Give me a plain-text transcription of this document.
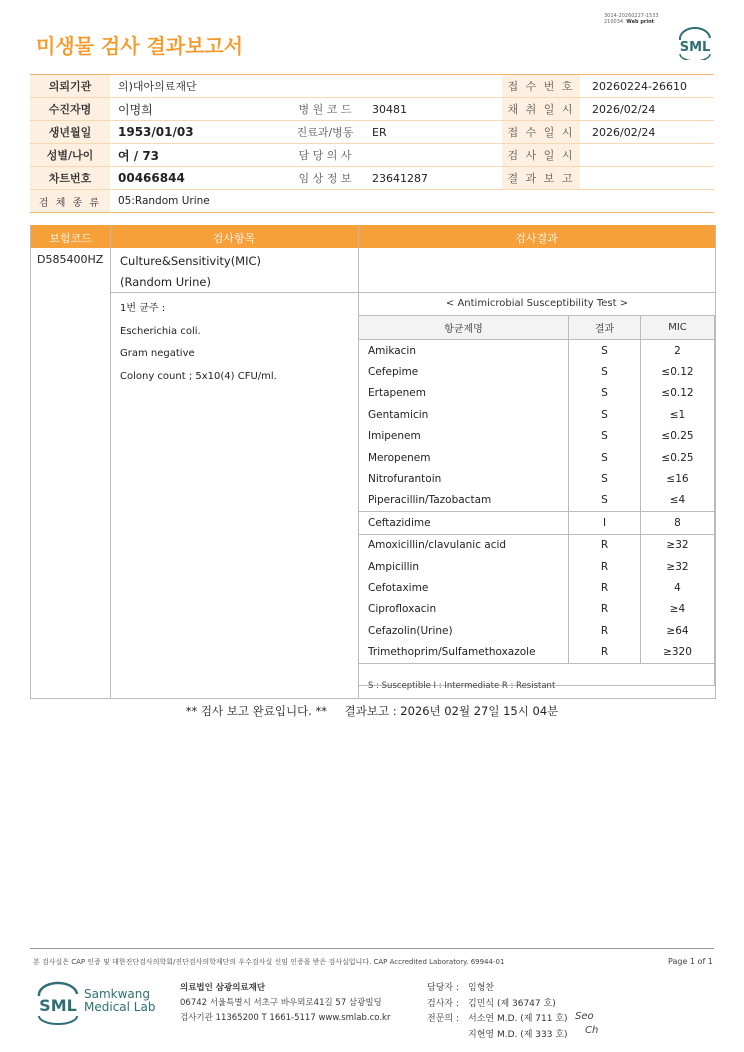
미생물 검사 결과보고서
3014-20260227-1533
210034 Web print
SML
의뢰기관	의)대아의료재단			접 수 번 호	20260224-26610
수진자명	이명희	병 원 코 드	30481	채 취 일 시	2026/02/24
생년월일	1953/01/03	진료과/병동	ER	접 수 일 시	2026/02/24
성별/나이	여 / 73	담 당 의 사		검 사 일 시	
차트번호	00466844	임 상 정 보	23641287	결 과 보 고	
검 체 종 류	05:Random Urine				
보험코드	검사항목	검사결과
D585400HZ Culture&Sensitivity(MIC)
(Random Urine)
1번 균주 :
Escherichia coli.
Gram negative
Colony count ; 5x10(4) CFU/ml.
< Antimicrobial Susceptibility Test >
항균제명	결과	MIC
Amikacin	S	2
Cefepime	S	≤0.12
Ertapenem	S	≤0.12
Gentamicin	S	≤1
Imipenem	S	≤0.25
Meropenem	S	≤0.25
Nitrofurantoin	S	≤16
Piperacillin/Tazobactam	S	≤4
Ceftazidime	I	8
Amoxicillin/clavulanic acid	R	≥32
Ampicillin	R	≥32
Cefotaxime	R	4
Ciprofloxacin	R	≥4
Cefazolin(Urine)	R	≥64
Trimethoprim/Sulfamethoxazole	R	≥320

S : Susceptible I : Intermediate R : Resistant
** 검사 보고 완료입니다. ** 결과보고 : 2026년 02월 27일 15시 04분
본 검사실은 CAP 인증 및 대한진단검사의학회/진단검사의학재단의 우수검사실 신임 인증을 받은 검사실입니다. CAP Accredited Laboratory. 69944-01	Page 1 of 1
SML
Samkwang
Medical Lab
의료법인 삼광의료재단
06742 서울특별시 서초구 바우뫼로41길 57 삼광빌딩
검사기관 11365200 T 1661-5117 www.smlab.co.kr
담당자 : 임형찬
검사자 : 김민식 (제 36747 호)
전문의 : 서소연 M.D. (제 711 호)
지현영 M.D. (제 333 호)
Seo
Ch
